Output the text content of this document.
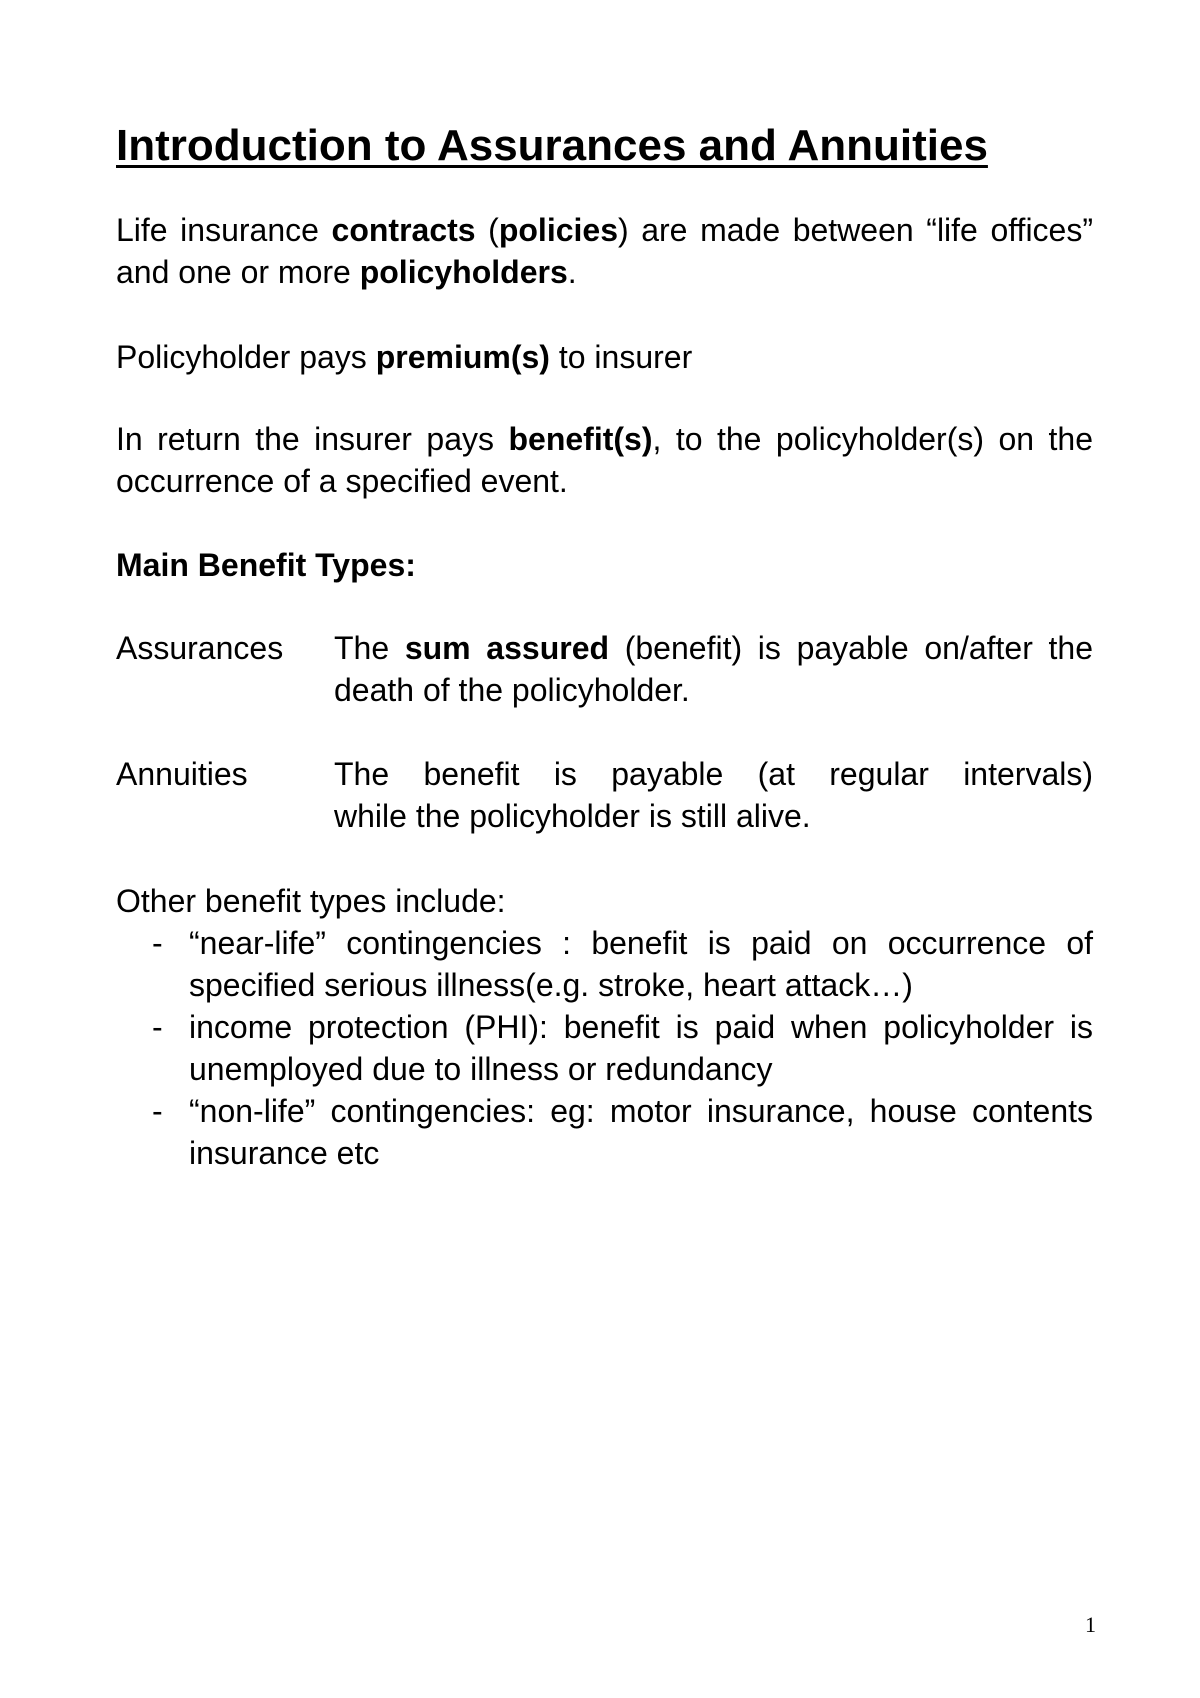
Introduction to Assurances and Annuities
Life insurance contracts (policies) are made between “life offices” and one or more policyholders.
Policyholder pays premium(s) to insurer
In return the insurer pays benefit(s), to the policyholder(s) on the occurrence of a specified event.
Main Benefit Types:
Assurances	The sum assured (benefit) is payable on/after the death of the policyholder.
Annuities	The benefit is payable (at regular intervals)
while the policyholder is still alive.
Other benefit types include:
- “near-life” contingencies : benefit is paid on occurrence of specified serious illness(e.g. stroke, heart attack…)
- income protection (PHI): benefit is paid when policyholder is unemployed due to illness or redundancy
- “non-life” contingencies: eg: motor insurance, house contents insurance etc
1
